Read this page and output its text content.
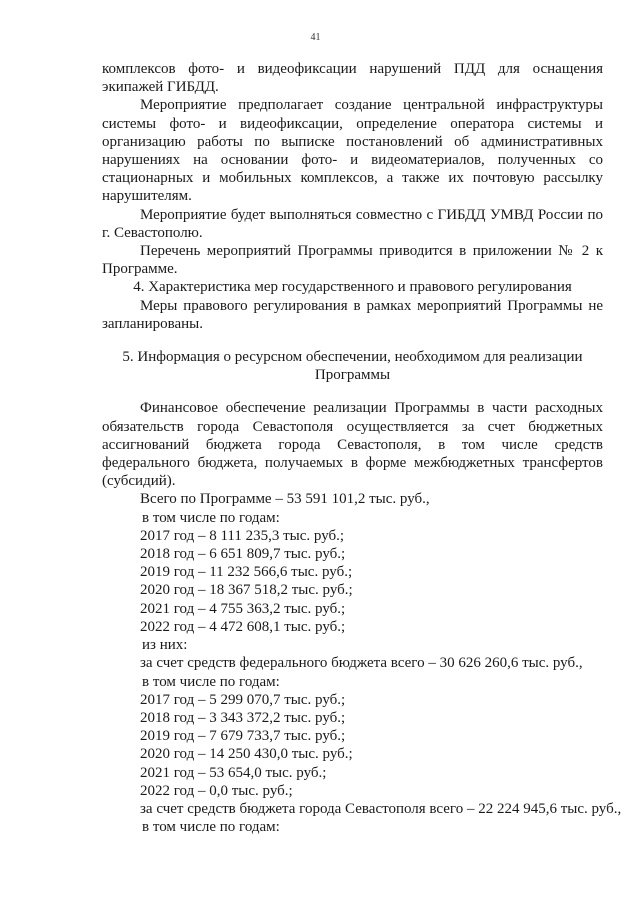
41

комплексов фото- и видеофиксации нарушений ПДД для оснащения экипажей ГИБДД.

Мероприятие предполагает создание центральной инфраструктуры системы фото- и видеофиксации, определение оператора системы и организацию работы по выписке постановлений об административных нарушениях на основании фото- и видеоматериалов, полученных со стационарных и мобильных комплексов, а также их почтовую рассылку нарушителям.

Мероприятие будет выполняться совместно с ГИБДД УМВД России по г. Севастополю.

Перечень мероприятий Программы приводится в приложении № 2 к Программе.

4. Характеристика мер государственного и правового регулирования

Меры правового регулирования в рамках мероприятий Программы не запланированы.

5. Информация о ресурсном обеспечении, необходимом для реализации

Программы

Финансовое обеспечение реализации Программы в части расходных обязательств города Севастополя осуществляется за счет бюджетных ассигнований бюджета города Севастополя, в том числе средств федерального бюджета, получаемых в форме межбюджетных трансфертов (субсидий).

Всего по Программе – 53 591 101,2 тыс. руб.,

в том числе по годам:

2017 год – 8 111 235,3 тыс. руб.;

2018 год – 6 651 809,7 тыс. руб.;

2019 год – 11 232 566,6 тыс. руб.;

2020 год – 18 367 518,2 тыс. руб.;

2021 год – 4 755 363,2 тыс. руб.;

2022 год – 4 472 608,1 тыс. руб.;

из них:

за счет средств федерального бюджета всего – 30 626 260,6 тыс. руб.,

в том числе по годам:

2017 год – 5 299 070,7 тыс. руб.;

2018 год – 3 343 372,2 тыс. руб.;

2019 год – 7 679 733,7 тыс. руб.;

2020 год – 14 250 430,0 тыс. руб.;

2021 год – 53 654,0 тыс. руб.;

2022 год – 0,0 тыс. руб.;

за счет средств бюджета города Севастополя всего – 22 224 945,6 тыс. руб.,

в том числе по годам:
